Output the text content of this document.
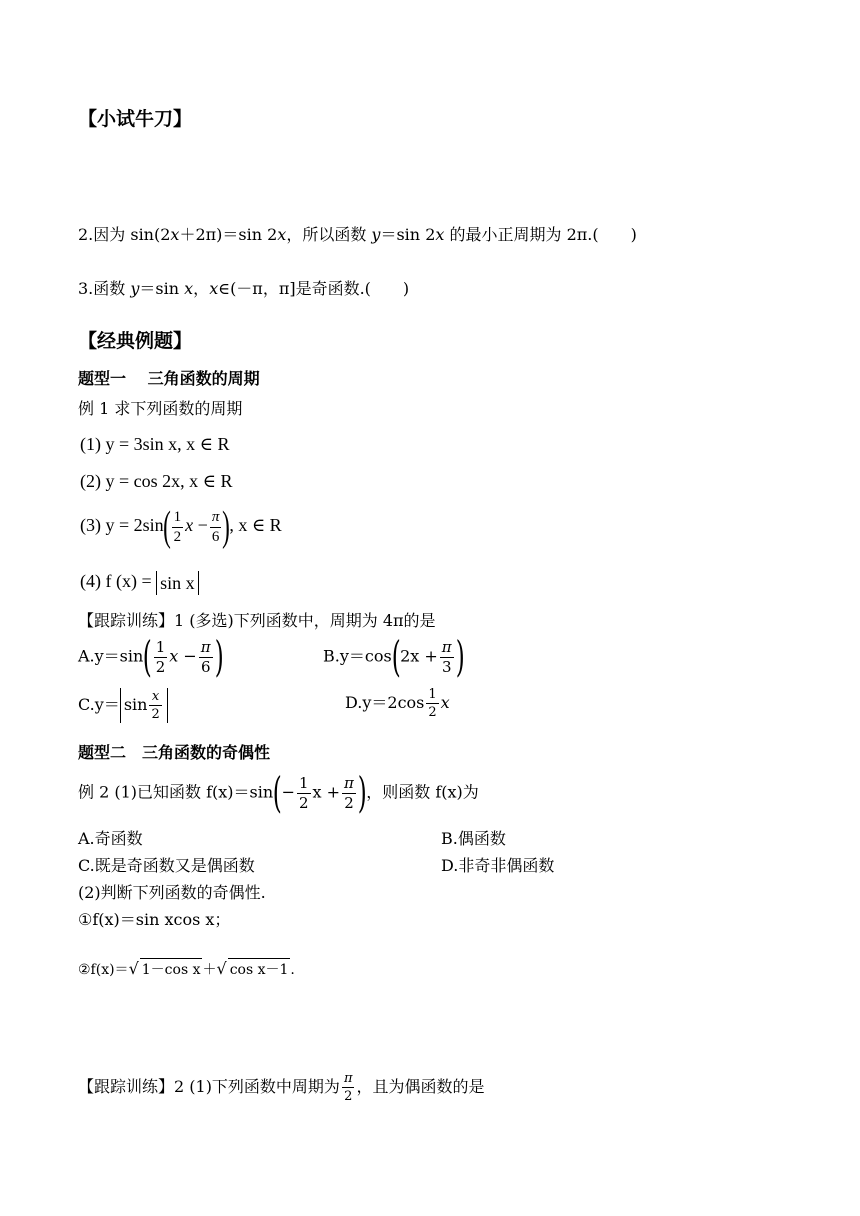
【小试牛刀】
2.因为 sin(2x＋2π)＝sin 2x，所以函数 y＝sin 2x 的最小正周期为 2π.(　　)
3.函数 y＝sin x，x∈(－π，π]是奇函数.(　　)
【经典例题】
题型一　 三角函数的周期
例 1 求下列函数的周期
(1) y = 3sin x, x ∈ R
(2) y = cos 2x, x ∈ R
(3) $y = 2\sin( \frac{1}{2}$ $x - \frac{\pi}{6}$ ), x ∈ R
(4) f (x) = sin x
【跟踪训练】1 (多选)下列函数中，周期为 4π的是
$A.y=\sin( \frac{1}{2}$ $x - \frac{\pi}{6}$ )	$B.y=\cos(2x + \frac{\pi}{3}$ )
$C.y= \sin \frac{x}{2}$	$D.y=2\cos \frac{1}{2}$ x
题型二　三角函数的奇偶性
例 2 (1)已知函数 $f(x)=\sin(- \frac{1}{2}$ $x + \frac{\pi}{2}$ )，则函数 f(x)为
A.奇函数	B.偶函数
C.既是奇函数又是偶函数	D.非奇非偶函数
(2)判断下列函数的奇偶性.
①f(x)＝sin xcos x；
②f(x)＝√ 1－cos x ＋√ cos x－1 .
【跟踪训练】2 (1)下列函数中周期为 $\frac{\pi}{2}$ ，且为偶函数的是
